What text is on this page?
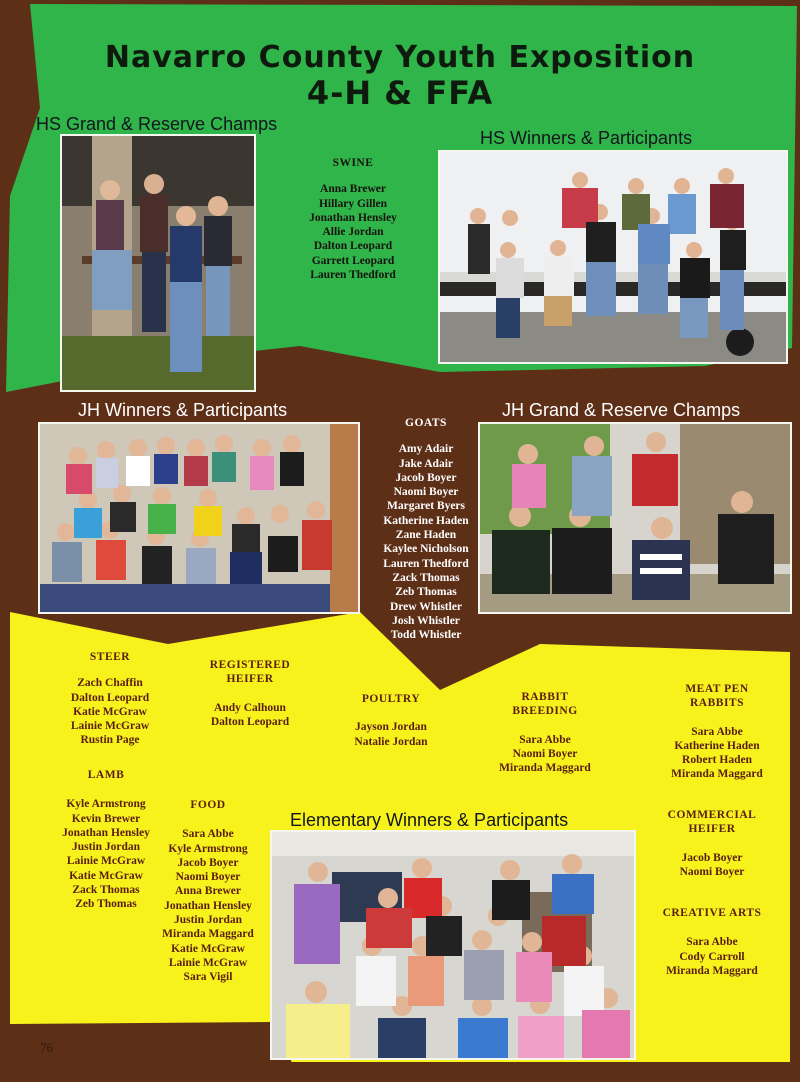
Navarro County Youth Exposition
4-H & FFA
HS Grand & Reserve Champs
HS Winners & Participants
JH Winners & Participants	JH Grand & Reserve Champs
Elementary Winners & Participants
SWINE
Anna Brewer
Hillary Gillen
Jonathan Hensley
Allie Jordan
Dalton Leopard
Garrett Leopard
Lauren Thedford
GOATS
Amy Adair
Jake Adair
Jacob Boyer
Naomi Boyer
Margaret Byers
Katherine Haden
Zane Haden
Kaylee Nicholson
Lauren Thedford
Zack Thomas
Zeb Thomas
Drew Whistler
Josh Whistler
Todd Whistler
STEER
Zach Chaffin
Dalton Leopard
Katie McGraw
Lainie McGraw
Rustin Page
REGISTERED
HEIFER
Andy Calhoun
Dalton Leopard
POULTRY
Jayson Jordan
Natalie Jordan
RABBIT
BREEDING
Sara Abbe
Naomi Boyer
Miranda Maggard
MEAT PEN
RABBITS
Sara Abbe
Katherine Haden
Robert Haden
Miranda Maggard
LAMB
Kyle Armstrong
Kevin Brewer
Jonathan Hensley
Justin Jordan
Lainie McGraw
Katie McGraw
Zack Thomas
Zeb Thomas
FOOD
Sara Abbe
Kyle Armstrong
Jacob Boyer
Naomi Boyer
Anna Brewer
Jonathan Hensley
Justin Jordan
Miranda Maggard
Katie McGraw
Lainie McGraw
Sara Vigil
COMMERCIAL
HEIFER
Jacob Boyer
Naomi Boyer
CREATIVE ARTS
Sara Abbe
Cody Carroll
Miranda Maggard
76
